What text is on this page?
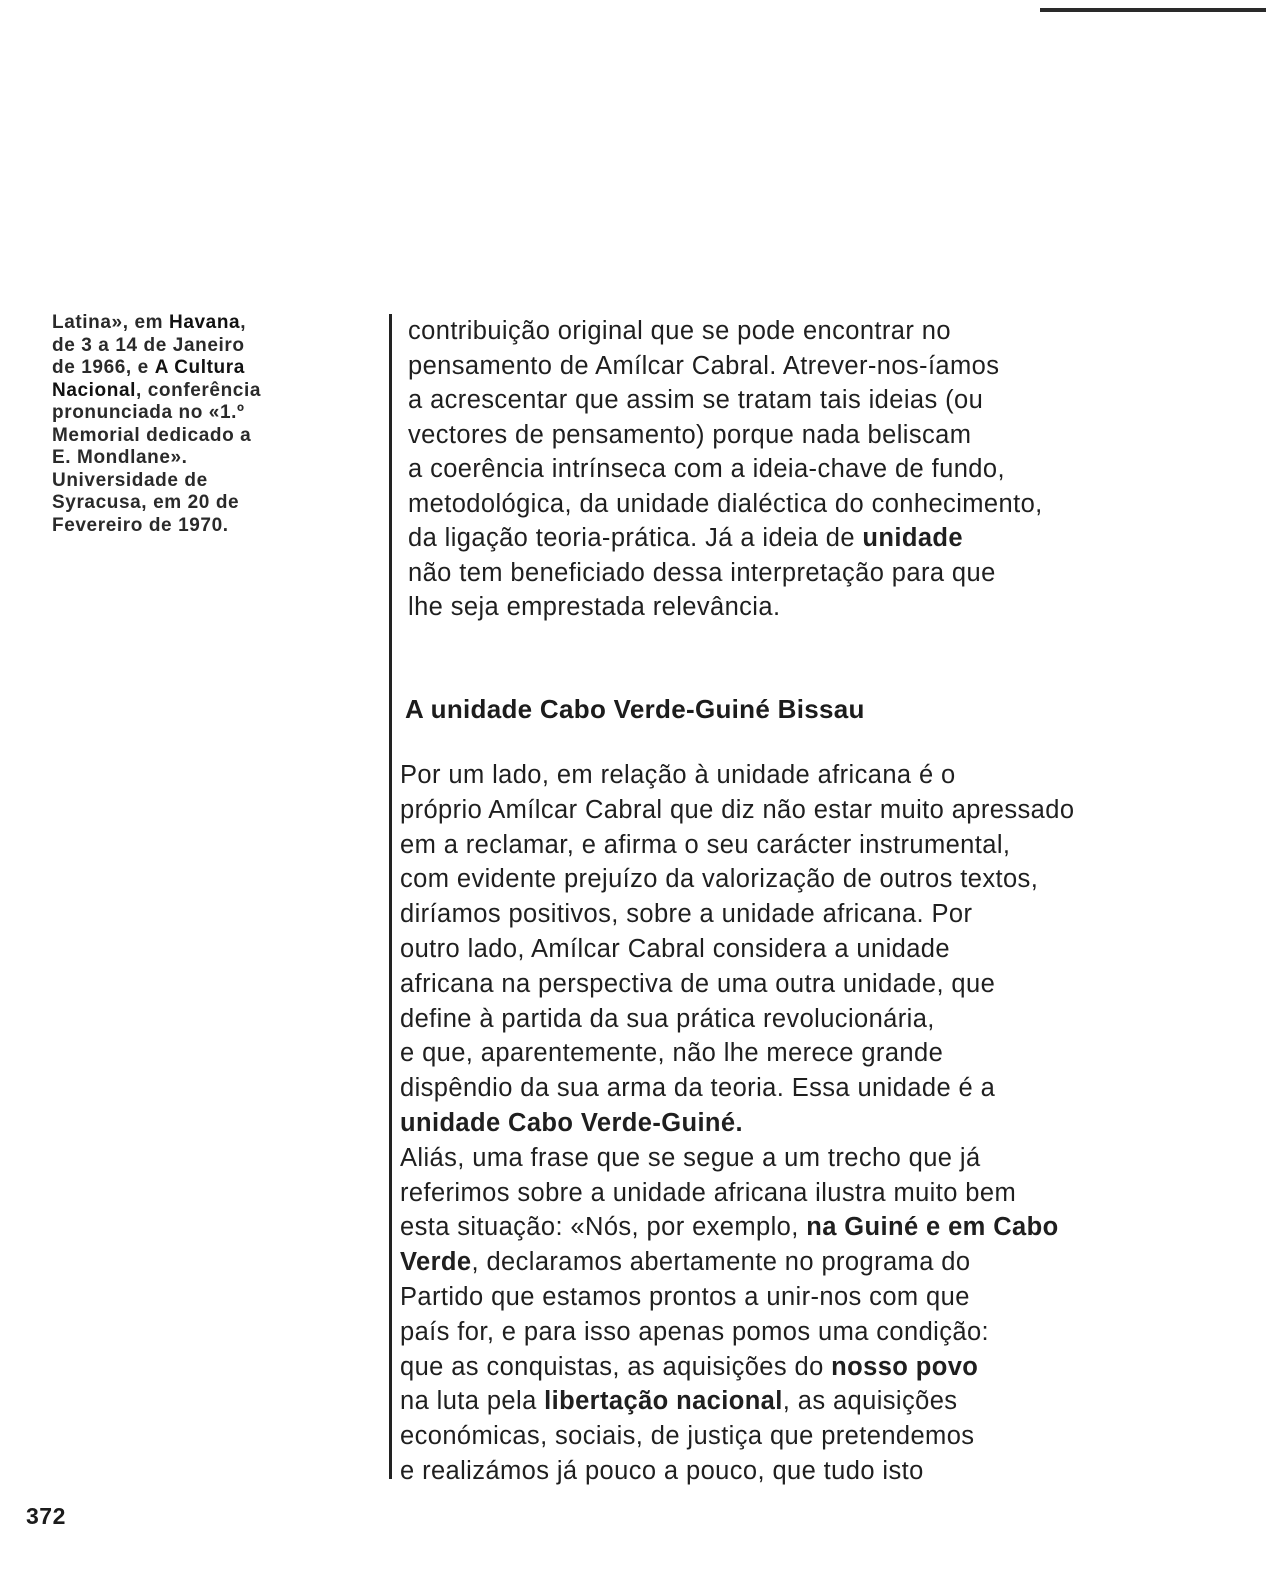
Latina», em Havana,
de 3 a 14 de Janeiro
de 1966, e A Cultura
Nacional, conferência
pronunciada no «1.º
Memorial dedicado a
E. Mondlane».
Universidade de
Syracusa, em 20 de
Fevereiro de 1970.
contribuição original que se pode encontrar no
pensamento de Amílcar Cabral. Atrever-nos-íamos
a acrescentar que assim se tratam tais ideias (ou
vectores de pensamento) porque nada beliscam
a coerência intrínseca com a ideia-chave de fundo,
metodológica, da unidade dialéctica do conhecimento,
da ligação teoria-prática. Já a ideia de unidade
não tem beneficiado dessa interpretação para que
lhe seja emprestada relevância.
A unidade Cabo Verde-Guiné Bissau
Por um lado, em relação à unidade africana é o
próprio Amílcar Cabral que diz não estar muito apressado
em a reclamar, e afirma o seu carácter instrumental,
com evidente prejuízo da valorização de outros textos,
diríamos positivos, sobre a unidade africana. Por
outro lado, Amílcar Cabral considera a unidade
africana na perspectiva de uma outra unidade, que
define à partida da sua prática revolucionária,
e que, aparentemente, não lhe merece grande
dispêndio da sua arma da teoria. Essa unidade é a
unidade Cabo Verde-Guiné.
Aliás, uma frase que se segue a um trecho que já
referimos sobre a unidade africana ilustra muito bem
esta situação: «Nós, por exemplo, na Guiné e em Cabo
Verde, declaramos abertamente no programa do
Partido que estamos prontos a unir-nos com que
país for, e para isso apenas pomos uma condição:
que as conquistas, as aquisições do nosso povo
na luta pela libertação nacional, as aquisições
económicas, sociais, de justiça que pretendemos
e realizámos já pouco a pouco, que tudo isto
372
